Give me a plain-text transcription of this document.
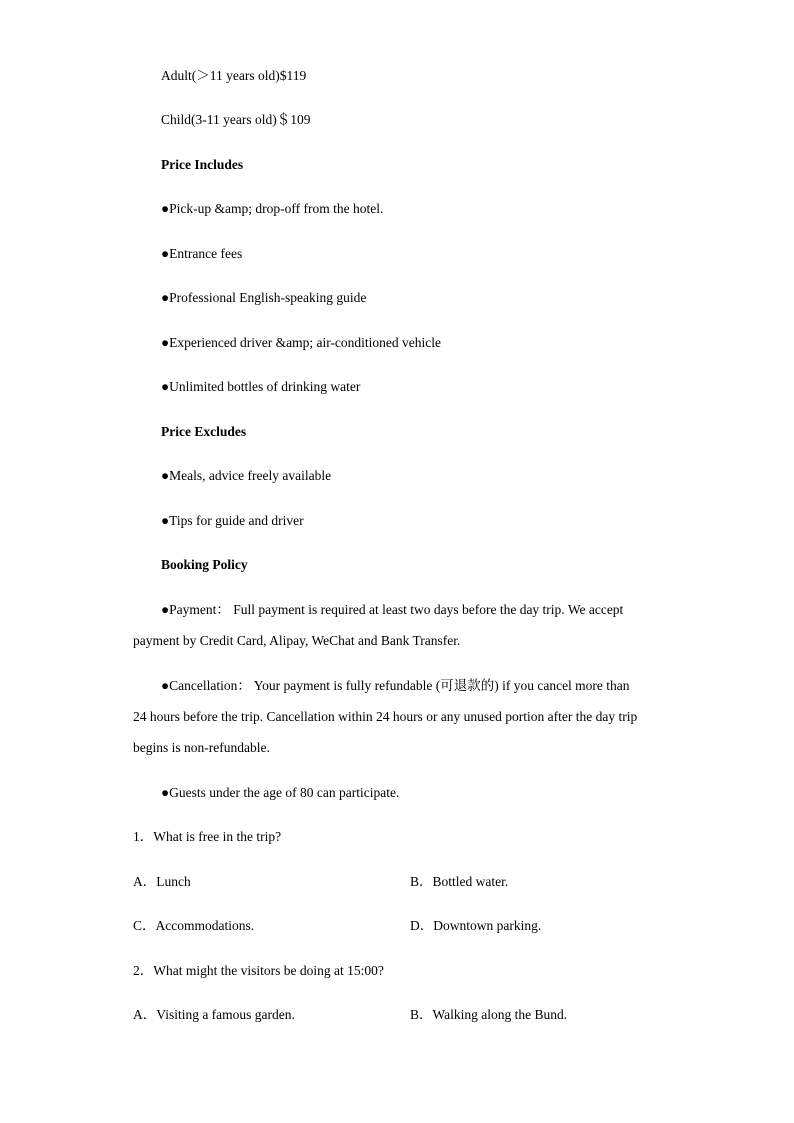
Adult(＞11 years old)$119
Child(3-11 years old)＄109
Price Includes
●Pick-up &amp; drop-off from the hotel.
●Entrance fees
●Professional English-speaking guide
●Experienced driver &amp; air-conditioned vehicle
●Unlimited bottles of drinking water
Price Excludes
●Meals, advice freely available
●Tips for guide and driver
Booking Policy
●Payment： Full payment is required at least two days before the day trip. We accept
payment by Credit Card, Alipay, WeChat and Bank Transfer.
●Cancellation： Your payment is fully refundable (可退款的) if you cancel more than
24 hours before the trip. Cancellation within 24 hours or any unused portion after the day trip
begins is non-refundable.
●Guests under the age of 80 can participate.
1．What is free in the trip?
A．Lunch	B．Bottled water.
C．Accommodations.	D．Downtown parking.
2．What might the visitors be doing at 15:00?
A．Visiting a famous garden.	B．Walking along the Bund.
